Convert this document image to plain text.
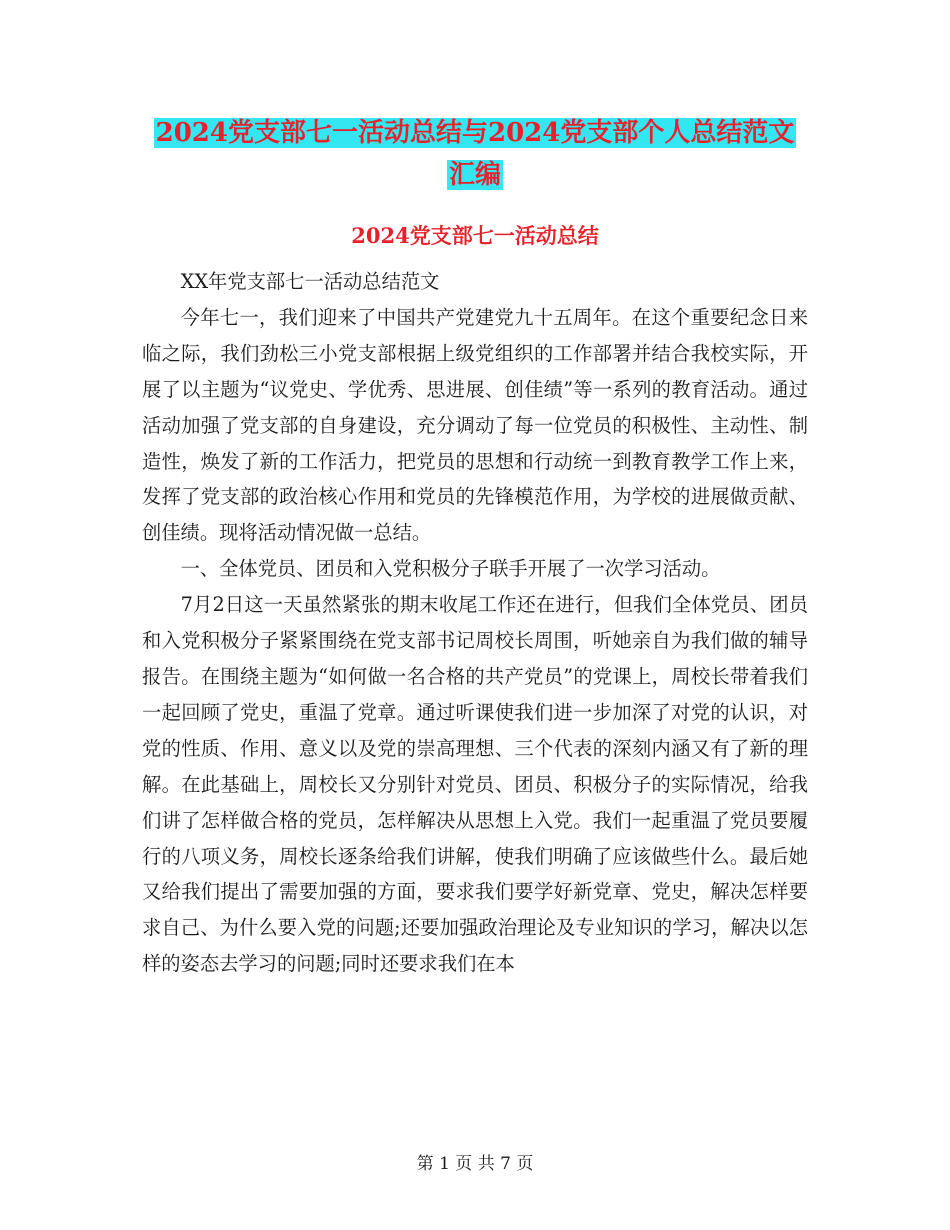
2024党支部七一活动总结与2024党支部个人总结范文
汇编
2024党支部七一活动总结

XX年党支部七一活动总结范文

今年七一，我们迎来了中国共产党建党九十五周年。在这个重要纪念日来临之际，我们劲松三小党支部根据上级党组织的工作部署并结合我校实际，开展了以主题为“议党史、学优秀、思进展、创佳绩”等一系列的教育活动。通过活动加强了党支部的自身建设，充分调动了每一位党员的积极性、主动性、制造性，焕发了新的工作活力，把党员的思想和行动统一到教育教学工作上来，发挥了党支部的政治核心作用和党员的先锋模范作用，为学校的进展做贡献、创佳绩。现将活动情况做一总结。

一、全体党员、团员和入党积极分子联手开展了一次学习活动。

7月2日这一天虽然紧张的期末收尾工作还在进行，但我们全体党员、团员和入党积极分子紧紧围绕在党支部书记周校长周围，听她亲自为我们做的辅导报告。在围绕主题为“如何做一名合格的共产党员”的党课上，周校长带着我们一起回顾了党史，重温了党章。通过听课使我们进一步加深了对党的认识，对党的性质、作用、意义以及党的崇高理想、三个代表的深刻内涵又有了新的理解。在此基础上，周校长又分别针对党员、团员、积极分子的实际情况，给我们讲了怎样做合格的党员，怎样解决从思想上入党。我们一起重温了党员要履行的八项义务，周校长逐条给我们讲解，使我们明确了应该做些什么。最后她又给我们提出了需要加强的方面，要求我们要学好新党章、党史，解决怎样要求自己、为什么要入党的问题;还要加强政治理论及专业知识的学习，解决以怎样的姿态去学习的问题;同时还要求我们在本

第 1 页 共 7 页
